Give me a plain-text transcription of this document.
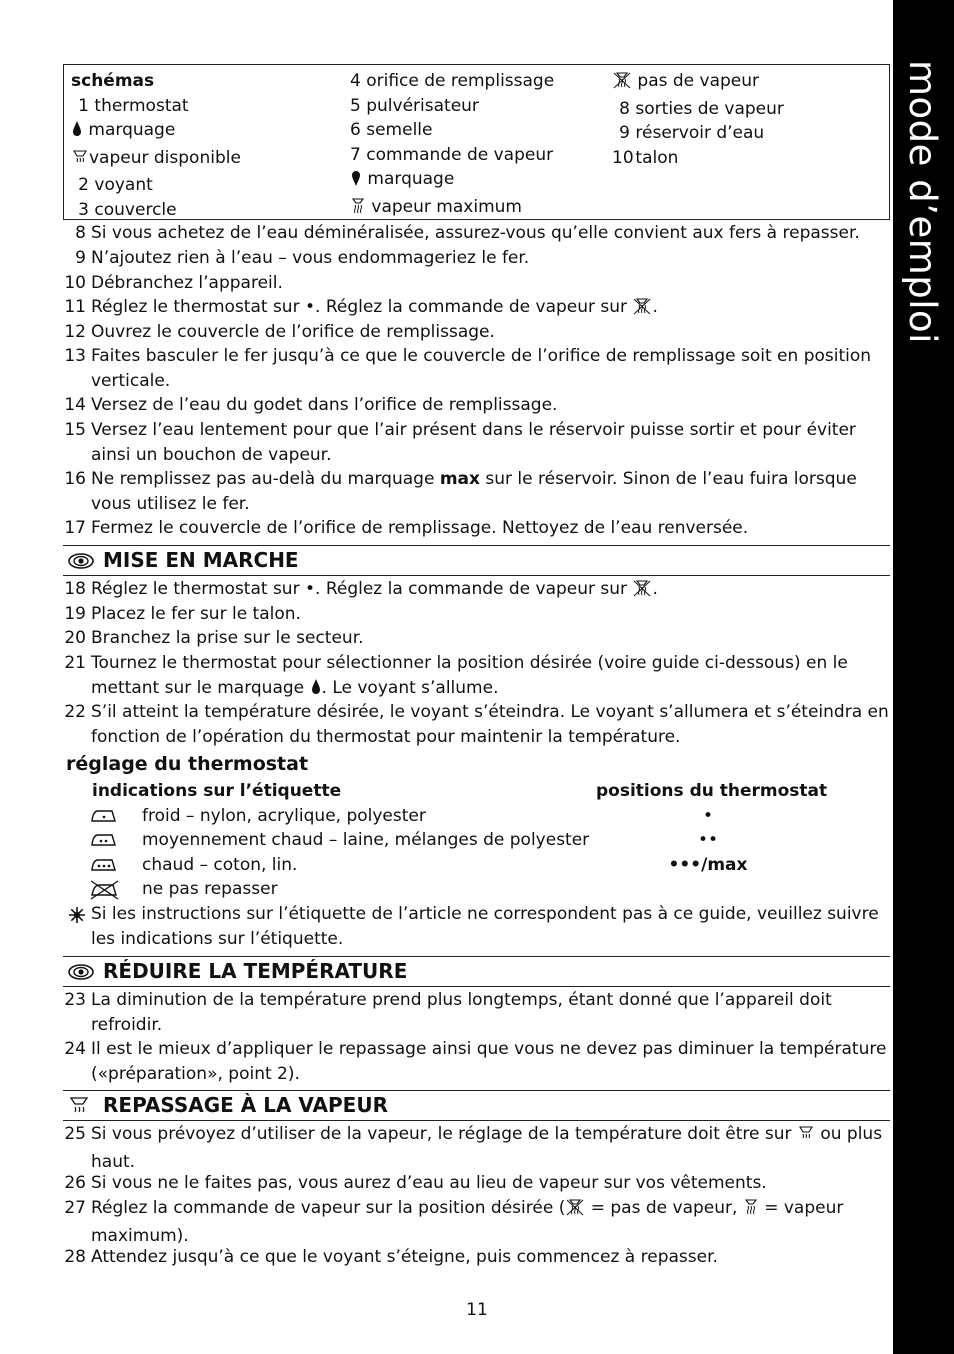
mode d’emploi
schémas
1 thermostat
marquage
vapeur disponible
2 voyant
3 couvercle
4 orifice de remplissage
5 pulvérisateur
6 semelle
7 commande de vapeur
marquage
vapeur maximum
pas de vapeur
8 sorties de vapeur
9 réservoir d’eau
10 talon
8 Si vous achetez de l’eau déminéralisée, assurez-vous qu’elle convient aux fers à repasser.
9 N’ajoutez rien à l’eau – vous endommageriez le fer.
10 Débranchez l’appareil.
11 Réglez le thermostat sur •. Réglez la commande de vapeur sur .
12 Ouvrez le couvercle de l’orifice de remplissage.
13 Faites basculer le fer jusqu’à ce que le couvercle de l’orifice de remplissage soit en position verticale.
14 Versez de l’eau du godet dans l’orifice de remplissage.
15 Versez l’eau lentement pour que l’air présent dans le réservoir puisse sortir et pour éviter ainsi un bouchon de vapeur.
16 Ne remplissez pas au-delà du marquage max sur le réservoir. Sinon de l’eau fuira lorsque vous utilisez le fer.
17 Fermez le couvercle de l’orifice de remplissage. Nettoyez de l’eau renversée.
MISE EN MARCHE
18 Réglez le thermostat sur •. Réglez la commande de vapeur sur .
19 Placez le fer sur le talon.
20 Branchez la prise sur le secteur.
21 Tournez le thermostat pour sélectionner la position désirée (voire guide ci-dessous) en le mettant sur le marquage . Le voyant s’allume.
22 S’il atteint la température désirée, le voyant s’éteindra. Le voyant s’allumera et s’éteindra en fonction de l’opération du thermostat pour maintenir la température.
réglage du thermostat
indications sur l’étiquette	positions du thermostat
froid – nylon, acrylique, polyester	•
moyennement chaud – laine, mélanges de polyester	••
chaud – coton, lin.	•••/max
ne pas repasser
Si les instructions sur l’étiquette de l’article ne correspondent pas à ce guide, veuillez suivre les indications sur l’étiquette.
RÉDUIRE LA TEMPÉRATURE
23 La diminution de la température prend plus longtemps, étant donné que l’appareil doit refroidir.
24 Il est le mieux d’appliquer le repassage ainsi que vous ne devez pas diminuer la température («préparation», point 2).
REPASSAGE À LA VAPEUR
25 Si vous prévoyez d’utiliser de la vapeur, le réglage de la température doit être sur  ou plus haut.
26 Si vous ne le faites pas, vous aurez d’eau au lieu de vapeur sur vos vêtements.
27 Réglez la commande de vapeur sur la position désirée ( = pas de vapeur,  = vapeur maximum).
28 Attendez jusqu’à ce que le voyant s’éteigne, puis commencez à repasser.
11
